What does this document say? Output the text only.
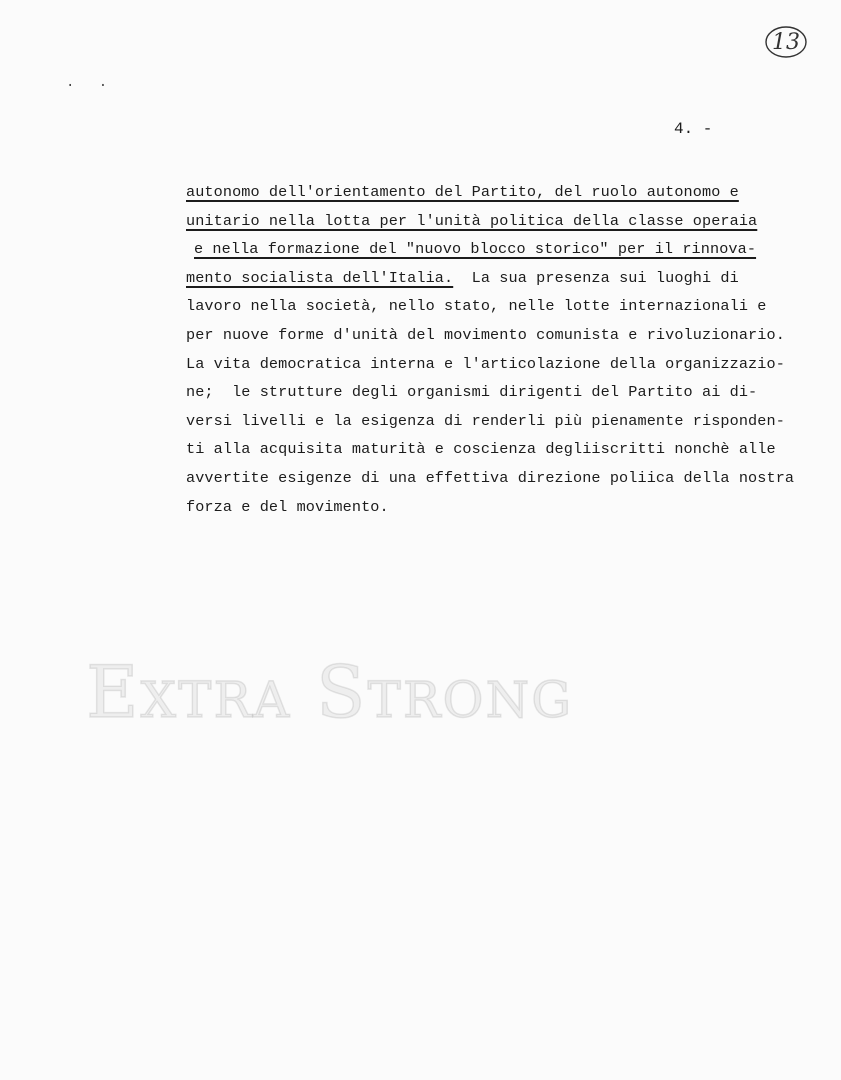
13
· ·
4. -
autonomo dell'orientamento del Partito, del ruolo autonomo e
unitario nella lotta per l'unità politica della classe operaia
e nella formazione del "nuovo blocco storico" per il rinnova-
mento socialista dell'Italia.  La sua presenza sui luoghi di
lavoro nella società, nello stato, nelle lotte internazionali e
per nuove forme d'unità del movimento comunista e rivoluzionario.
La vita democratica interna e l'articolazione della organizzazio-
ne;  le strutture degli organismi dirigenti del Partito ai di-
versi livelli e la esigenza di renderli più pienamente risponden-
ti alla acquisita maturità e coscienza degliiscritti nonchè alle
avvertite esigenze di una effettiva direzione poliica della nostra
forza e del movimento.
Extra Strong
